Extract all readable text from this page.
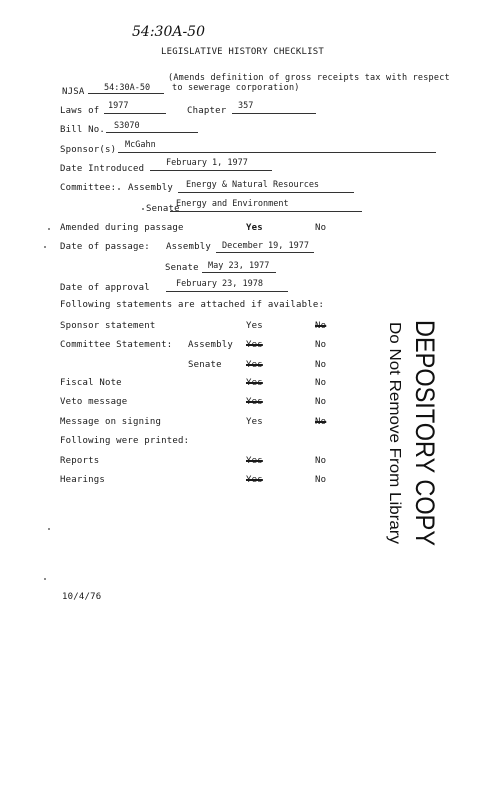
54:30A-50
LEGISLATIVE HISTORY CHECKLIST
(Amends definition of gross receipts tax with respect
NJSA 54:30A-50	to sewerage corporation)
Laws of 1977	Chapter 357
Bill No. S3070
Sponsor(s) McGahn
Date Introduced
February 1, 1977
Committee: Assembly Energy & Natural Resources
Senate
Energy and Environment
Amended during passage	Yes	No
Date of passage: Assembly December 19, 1977
Senate May 23, 1977
Date of approval	February 23, 1978
Following statements are attached if available:
Sponsor statement	Yes	No
Committee Statement: Assembly Yes	No
Senate	Yes	No
Fiscal Note	Yes	No
Veto message	Yes	No
Message on signing	Yes	No
Following were printed:
Reports	Yes	No
Hearings	Yes	No
10/4/76
DEPOSITORY COPY
Do Not Remove From Library
